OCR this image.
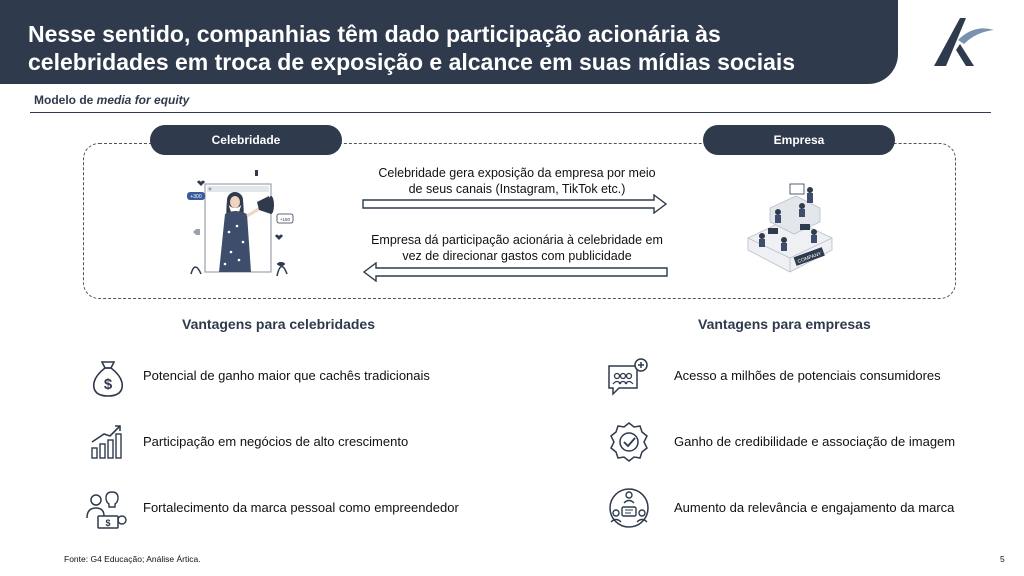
Nesse sentido, companhias têm dado participação acionária às
celebridades em troca de exposição e alcance em suas mídias sociais
Modelo de media for equity
Celebridade	Empresa
Celebridade gera exposição da empresa por meio de seus canais (Instagram, TikTok etc.)
Empresa dá participação acionária à celebridade em vez de direcionar gastos com publicidade
+300
+150
COMPANY
Vantagens para celebridades	Vantagens para empresas
$
Potencial de ganho maior que cachês tradicionais
Participação em negócios de alto crescimento
$
Fortalecimento da marca pessoal como empreendedor
Acesso a milhões de potenciais consumidores
Ganho de credibilidade e associação de imagem
Aumento da relevância e engajamento da marca
Fonte: G4 Educação; Análise Ártica.	5
